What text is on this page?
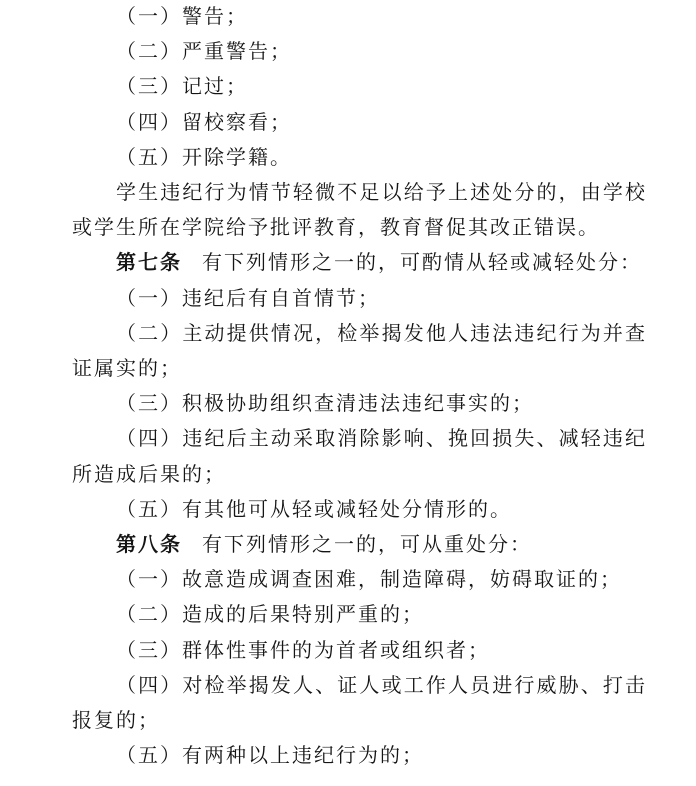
（一）警告；

（二）严重警告；

（三）记过；

（四）留校察看；

（五）开除学籍。

学生违纪行为情节轻微不足以给予上述处分的，由学校或学生所在学院给予批评教育，教育督促其改正错误。

第七条 有下列情形之一的，可酌情从轻或减轻处分：

（一）违纪后有自首情节；

（二）主动提供情况，检举揭发他人违法违纪行为并查证属实的；

（三）积极协助组织查清违法违纪事实的；

（四）违纪后主动采取消除影响、挽回损失、减轻违纪所造成后果的；

（五）有其他可从轻或减轻处分情形的。

第八条 有下列情形之一的，可从重处分：

（一）故意造成调查困难，制造障碍，妨碍取证的；

（二）造成的后果特别严重的；

（三）群体性事件的为首者或组织者；

（四）对检举揭发人、证人或工作人员进行威胁、打击报复的；

（五）有两种以上违纪行为的；
